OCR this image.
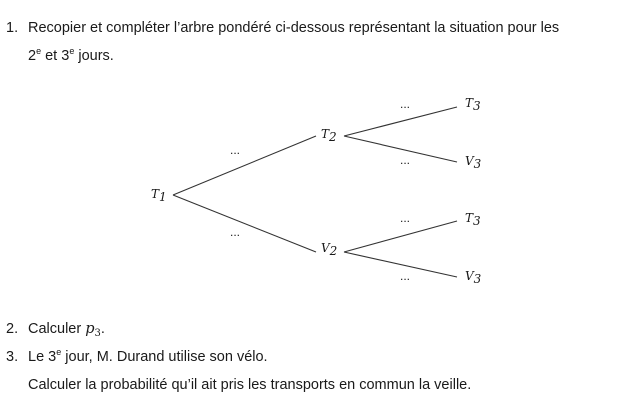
1. Recopier et compléter l’arbre pondéré ci-dessous représentant la situation pour les
2e et 3e jours.
T1
T2
V2
T3
V3
T3
V3
...
...
...
...
...
...
2. Calculer $p_3$.
3. Le 3e jour, M. Durand utilise son vélo.
Calculer la probabilité qu’il ait pris les transports en commun la veille.
